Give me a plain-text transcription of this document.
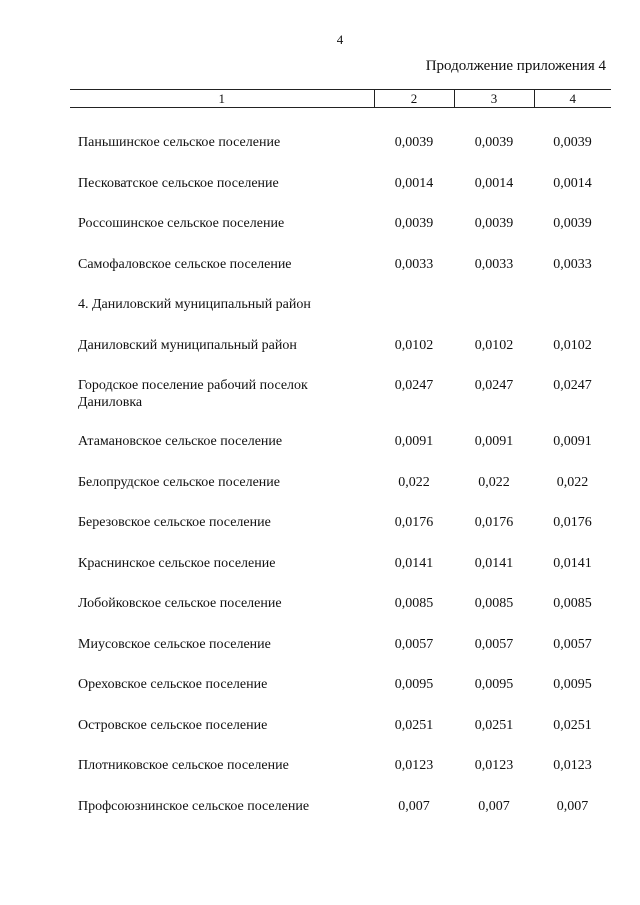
4
Продолжение приложения 4
1	2	3	4

Паньшинское сельское поселение	0,0039	0,0039	0,0039
Песковатское сельское поселение	0,0014	0,0014	0,0014
Россошинское сельское поселение	0,0039	0,0039	0,0039
Самофаловское сельское поселение	0,0033	0,0033	0,0033
4. Даниловский муниципальный район			
Даниловский муниципальный район	0,0102	0,0102	0,0102
Городское поселение рабочий поселок Даниловка	0,0247	0,0247	0,0247
Атамановское сельское поселение	0,0091	0,0091	0,0091
Белопрудское сельское поселение	0,022	0,022	0,022
Березовское сельское поселение	0,0176	0,0176	0,0176
Краснинское сельское поселение	0,0141	0,0141	0,0141
Лобойковское сельское поселение	0,0085	0,0085	0,0085
Миусовское сельское поселение	0,0057	0,0057	0,0057
Ореховское сельское поселение	0,0095	0,0095	0,0095
Островское сельское поселение	0,0251	0,0251	0,0251
Плотниковское сельское поселение	0,0123	0,0123	0,0123
Профсоюзнинское сельское поселение	0,007	0,007	0,007
